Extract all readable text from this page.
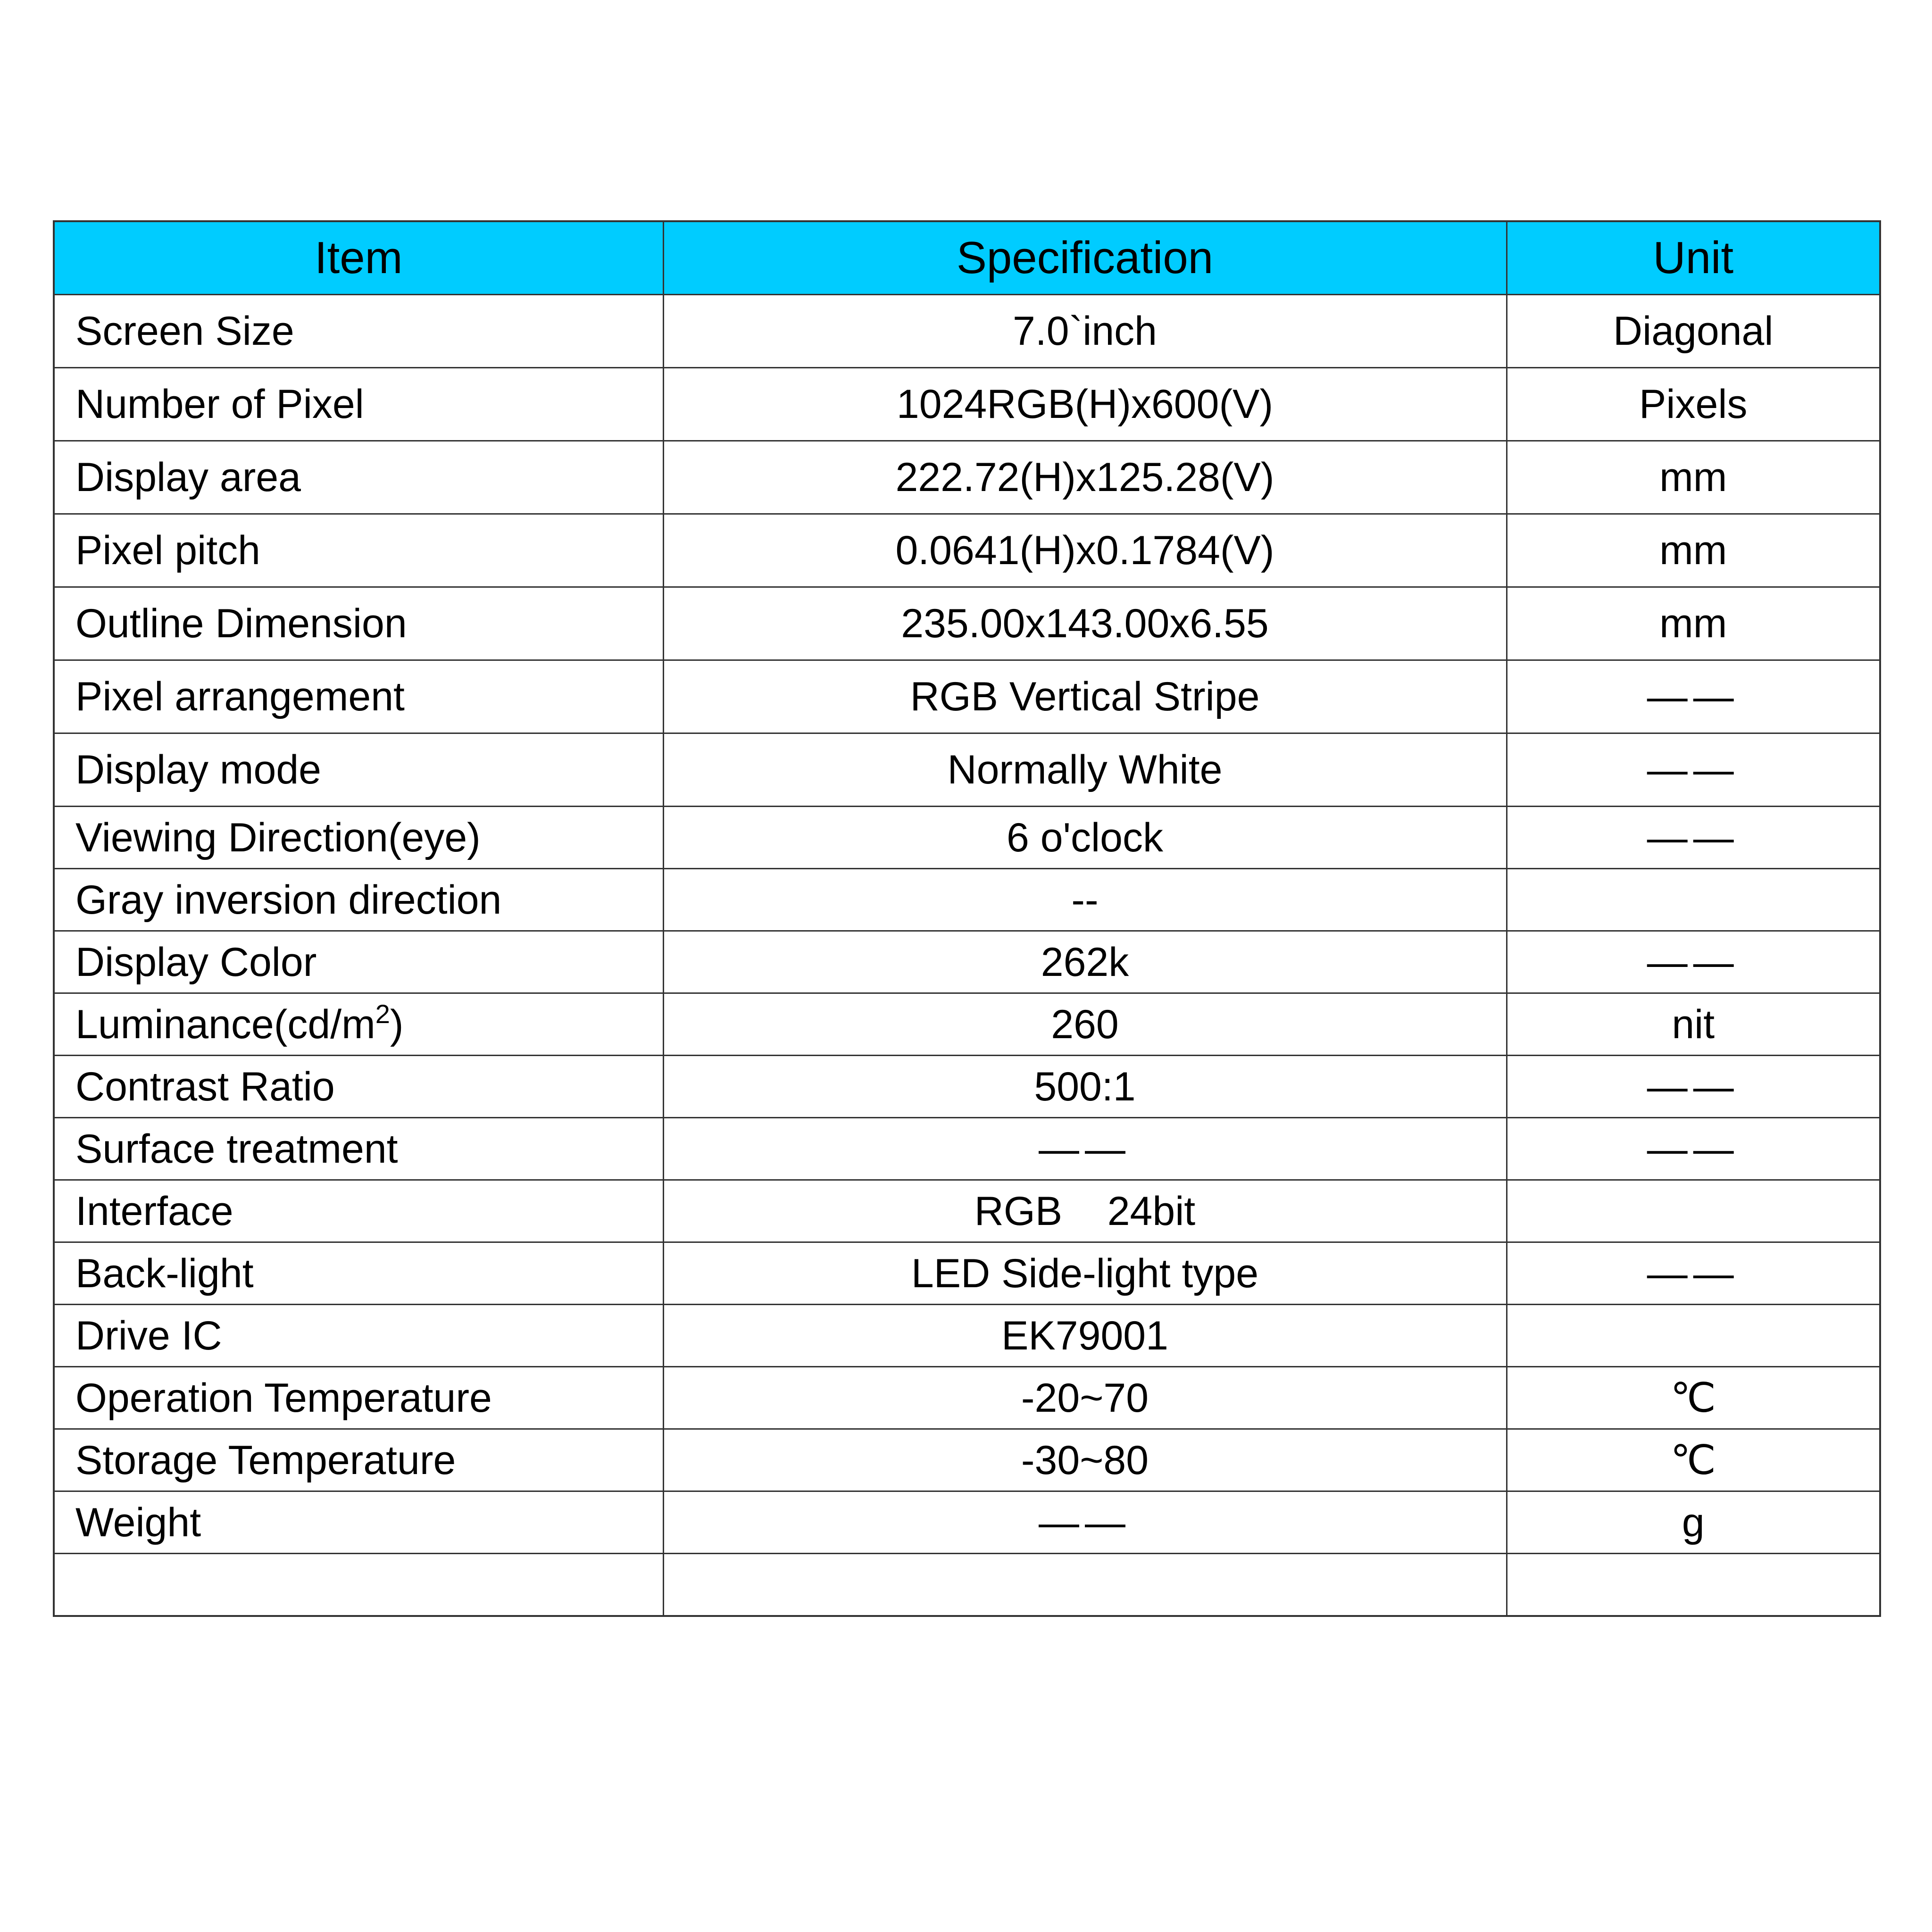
Item	Specification	Unit
Screen Size	7.0`inch	Diagonal
Number of Pixel	1024RGB(H)x600(V)	Pixels
Display area	222.72(H)x125.28(V)	mm
Pixel pitch	0.0641(H)x0.1784(V)	mm
Outline Dimension	235.00x143.00x6.55	mm
Pixel arrangement	RGB Vertical Stripe	——
Display mode	Normally White	——
Viewing Direction(eye)	6 o'clock	——
Gray inversion direction	--	
Display Color	262k	——
$Luminance(cd/m^2)$	260	nit
Contrast Ratio	500:1	——
Surface treatment	——	——
Interface	RGB    24bit	
Back-light	LED Side-light type	——
Drive IC	EK79001	
Operation Temperature	-20~70	℃
Storage Temperature	-30~80	℃
Weight	——	g
